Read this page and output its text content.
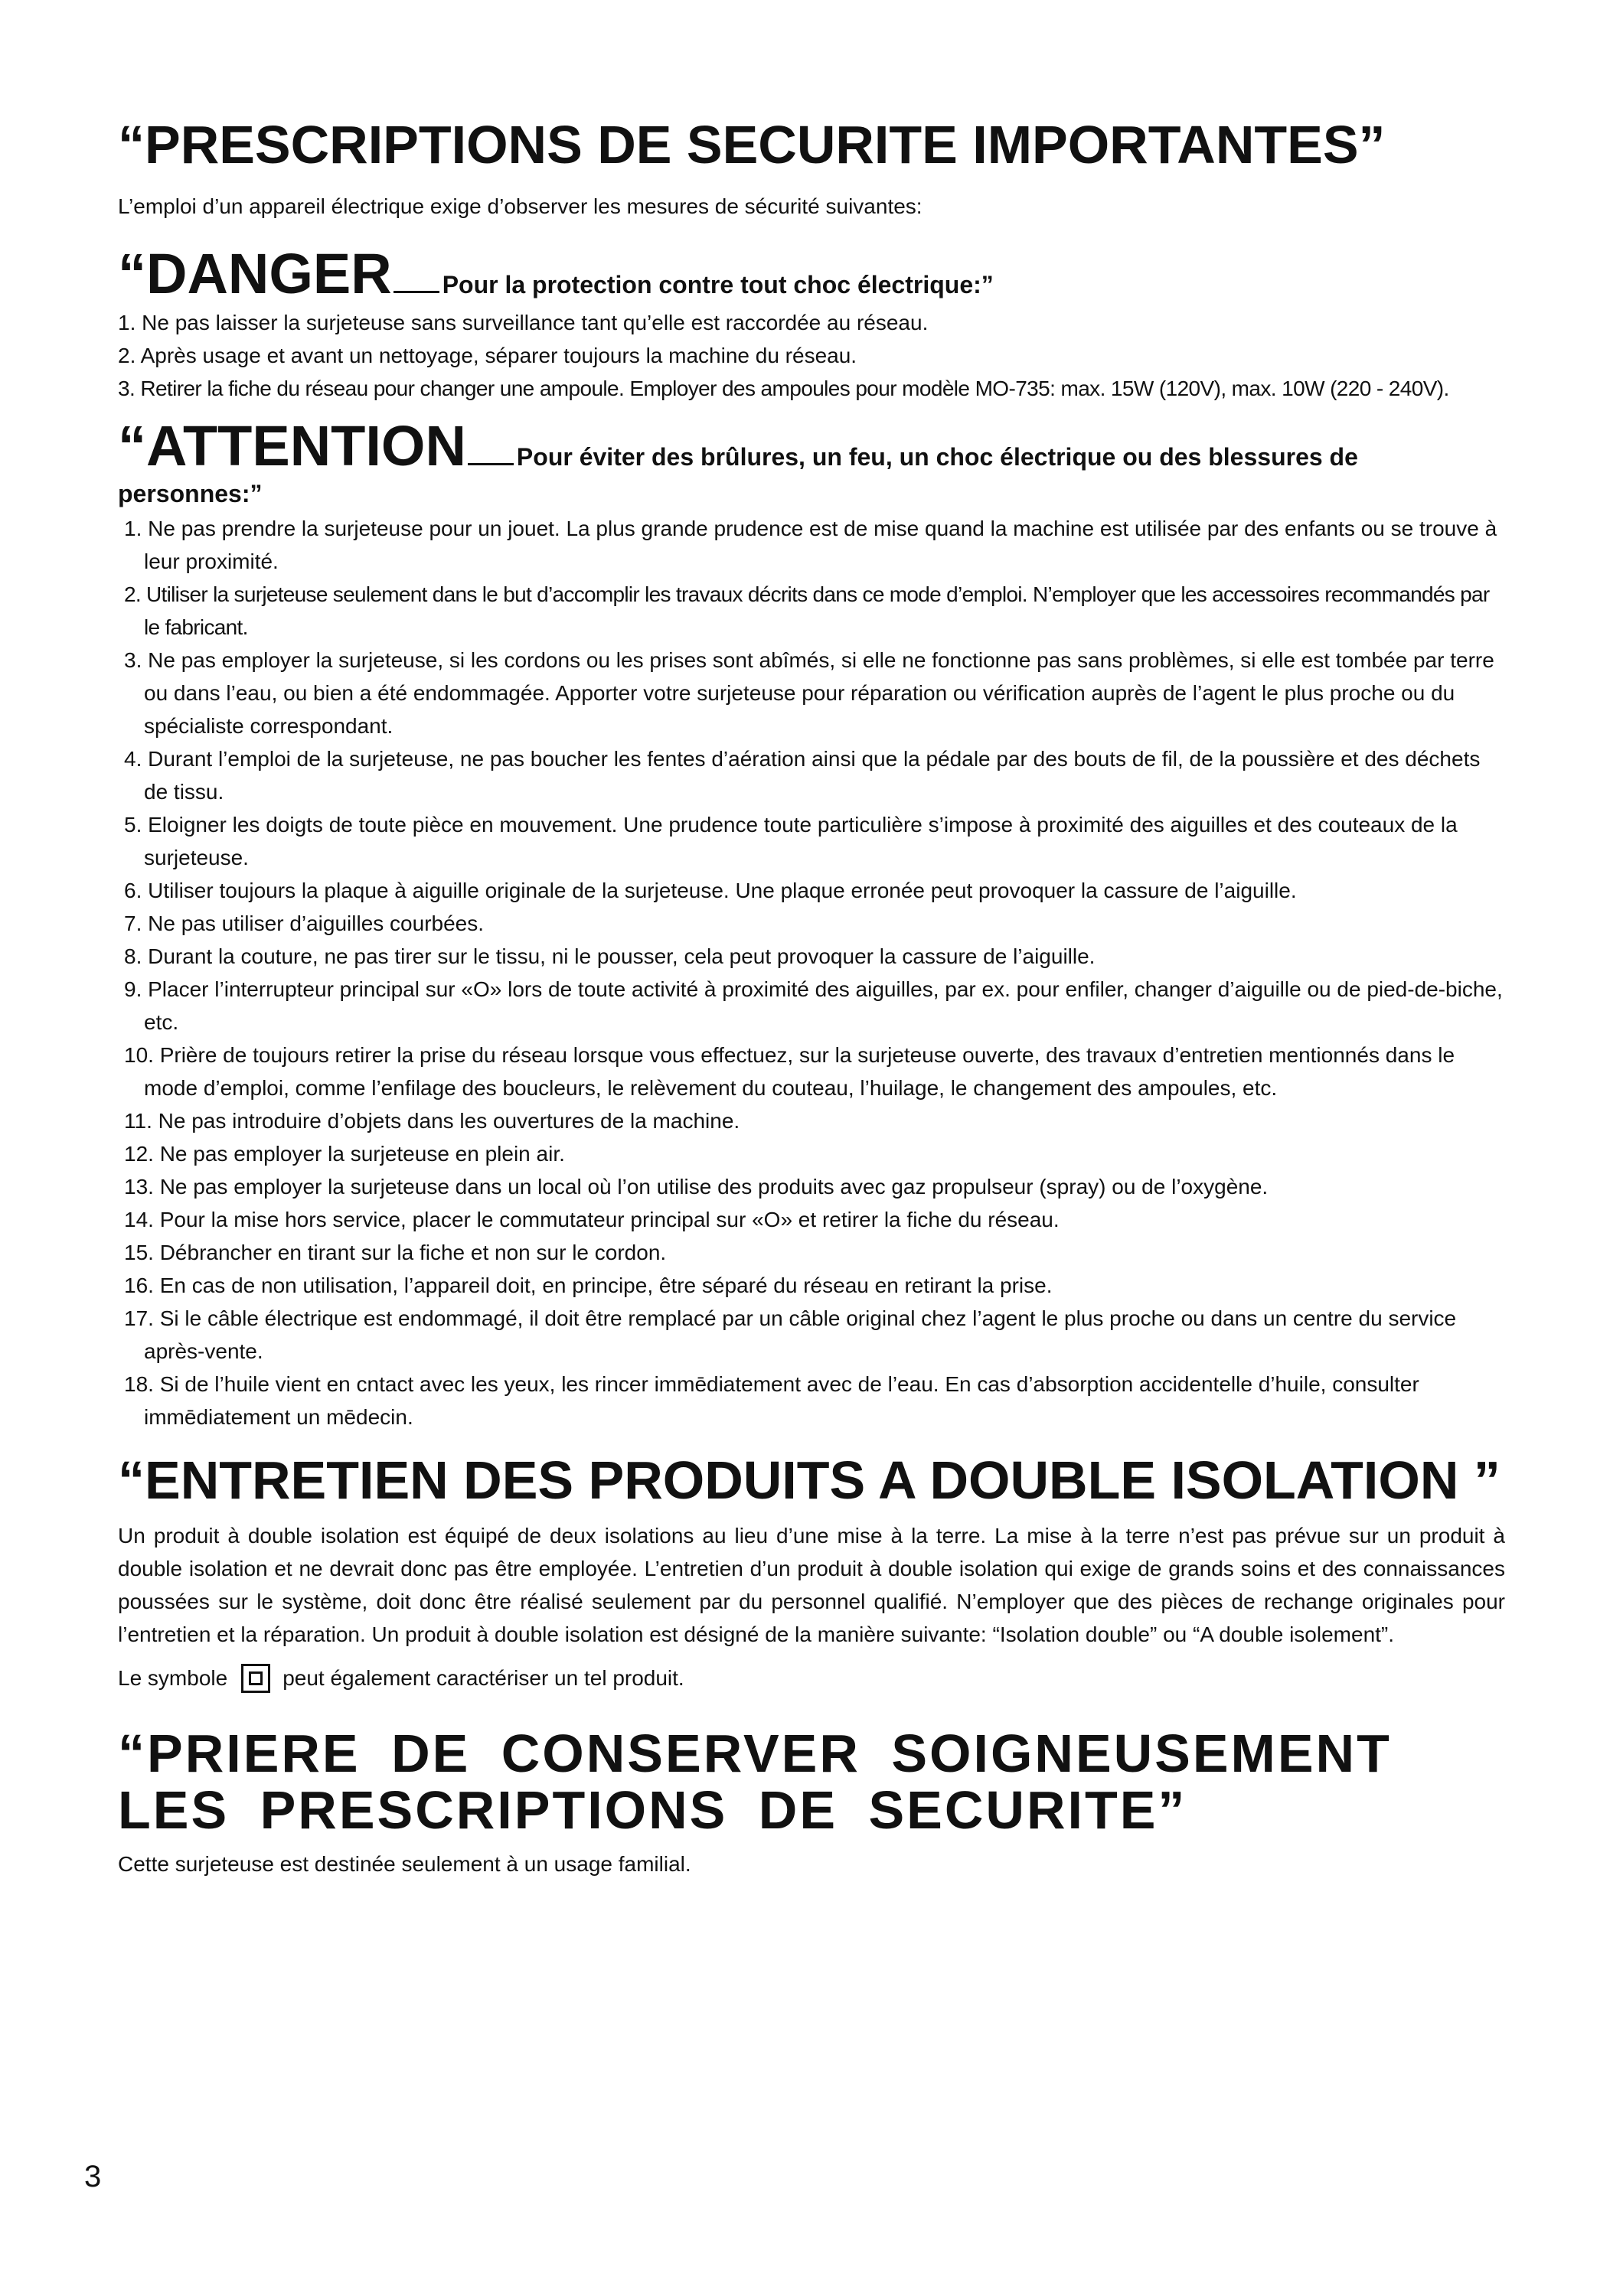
“PRESCRIPTIONS DE SECURITE IMPORTANTES”

L’emploi d’un appareil électrique exige d’observer les mesures de sécurité suivantes:

“DANGER Pour la protection contre tout choc électrique:”

1. Ne pas laisser la surjeteuse sans surveillance tant qu’elle est raccordée au réseau.
2. Après usage et avant un nettoyage, séparer toujours la machine du réseau.
3. Retirer la fiche du réseau pour changer une ampoule. Employer des ampoules pour modèle MO-735: max. 15W (120V), max. 10W (220 - 240V).

“ATTENTION Pour éviter des brûlures, un feu, un choc électrique ou des blessures de

personnes:”

1. Ne pas prendre la surjeteuse pour un jouet. La plus grande prudence est de mise quand la machine est utilisée par des enfants ou se trouve à leur proximité.
2. Utiliser la surjeteuse seulement dans le but d’accomplir les travaux décrits dans ce mode d’emploi. N’employer que les accessoires recommandés par le fabricant.
3. Ne pas employer la surjeteuse, si les cordons ou les prises sont abîmés, si elle ne fonctionne pas sans problèmes, si elle est tombée par terre ou dans l’eau, ou bien a été endommagée. Apporter votre surjeteuse pour réparation ou vérification auprès de l’agent le plus proche ou du spécialiste correspondant.
4. Durant l’emploi de la surjeteuse, ne pas boucher les fentes d’aération ainsi que la pédale par des bouts de fil, de la poussière et des déchets de tissu.
5. Eloigner les doigts de toute pièce en mouvement. Une prudence toute particulière s’impose à proximité des aiguilles et des couteaux de la surjeteuse.
6. Utiliser toujours la plaque à aiguille originale de la surjeteuse. Une plaque erronée peut provoquer la cassure de l’aiguille.
7. Ne pas utiliser d’aiguilles courbées.
8. Durant la couture, ne pas tirer sur le tissu, ni le pousser, cela peut provoquer la cassure de l’aiguille.
9. Placer l’interrupteur principal sur «O» lors de toute activité à proximité des aiguilles, par ex. pour enfiler, changer d’aiguille ou de pied-de-biche, etc.
10. Prière de toujours retirer la prise du réseau lorsque vous effectuez, sur la surjeteuse ouverte, des travaux d’entretien mentionnés dans le mode d’emploi, comme l’enfilage des boucleurs, le relèvement du couteau, l’huilage, le changement des ampoules, etc.
11. Ne pas introduire d’objets dans les ouvertures de la machine.
12. Ne pas employer la surjeteuse en plein air.
13. Ne pas employer la surjeteuse dans un local où l’on utilise des produits avec gaz propulseur (spray) ou de l’oxygène.
14. Pour la mise hors service, placer le commutateur principal sur «O» et retirer la fiche du réseau.
15. Débrancher en tirant sur la fiche et non sur le cordon.
16. En cas de non utilisation, l’appareil doit, en principe, être séparé du réseau en retirant la prise.
17. Si le câble électrique est endommagé, il doit être remplacé par un câble original chez l’agent le plus proche ou dans un centre du service après-vente.
18. Si de l’huile vient en cntact avec les yeux, les rincer immēdiatement avec de l’eau. En cas d’absorption accidentelle d’huile, consulter immēdiatement un mēdecin.
“ENTRETIEN DES PRODUITS A DOUBLE ISOLATION ”

Un produit à double isolation est équipé de deux isolations au lieu d’une mise à la terre. La mise à la terre n’est pas prévue sur un produit à double isolation et ne devrait donc pas être employée. L’entretien d’un produit à double isolation qui exige de grands soins et des connaissances poussées sur le système, doit donc être réalisé seulement par du personnel qualifié. N’employer que des pièces de rechange originales pour l’entretien et la réparation. Un produit à double isolation est désigné de la manière suivante: “Isolation double” ou “A double isolement”.

Le symbole	peut également caractériser un tel produit.
“PRIERE DE CONSERVER SOIGNEUSEMENT LES PRESCRIPTIONS DE SECURITE”

Cette surjeteuse est destinée seulement à un usage familial.

3
